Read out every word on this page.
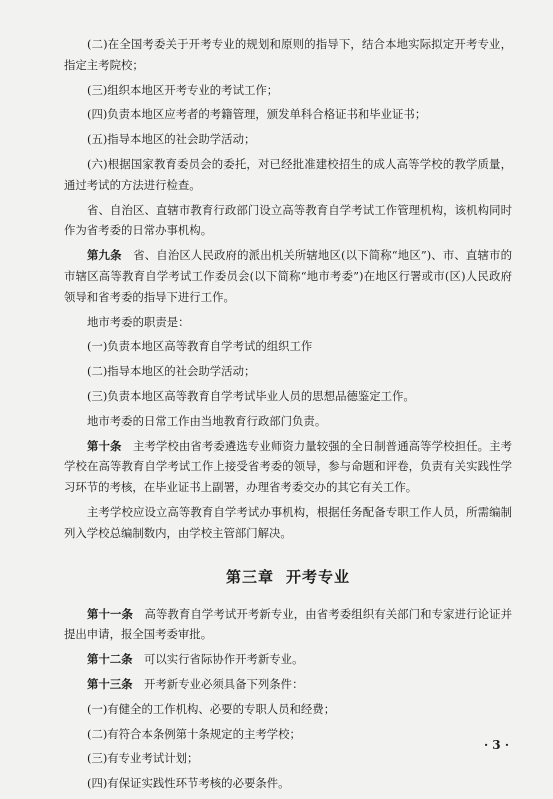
(二)在全国考委关于开考专业的规划和原则的指导下，结合本地实际拟定开考专业，指定主考院校；

(三)组织本地区开考专业的考试工作；

(四)负责本地区应考者的考籍管理，颁发单科合格证书和毕业证书；

(五)指导本地区的社会助学活动；

(六)根据国家教育委员会的委托，对已经批准建校招生的成人高等学校的教学质量，通过考试的方法进行检查。

省、自治区、直辖市教育行政部门设立高等教育自学考试工作管理机构，该机构同时作为省考委的日常办事机构。

第九条　 省、自治区人民政府的派出机关所辖地区(以下简称“地区”)、市、直辖市的市辖区高等教育自学考试工作委员会(以下简称“地市考委”)在地区行署或市(区)人民政府领导和省考委的指导下进行工作。

地市考委的职责是：

(一)负责本地区高等教育自学考试的组织工作

(二)指导本地区的社会助学活动；

(三)负责本地区高等教育自学考试毕业人员的思想品德鉴定工作。

地市考委的日常工作由当地教育行政部门负责。

第十条　 主考学校由省考委遴选专业师资力量较强的全日制普通高等学校担任。主考学校在高等教育自学考试工作上接受省考委的领导，参与命题和评卷，负责有关实践性学习环节的考核，在毕业证书上副署，办理省考委交办的其它有关工作。

主考学校应设立高等教育自学考试办事机构，根据任务配备专职工作人员，所需编制列入学校总编制数内，由学校主管部门解决。

第三章 开考专业

第十一条　 高等教育自学考试开考新专业，由省考委组织有关部门和专家进行论证并提出申请，报全国考委审批。

第十二条　 可以实行省际协作开考新专业。

第十三条　 开考新专业必须具备下列条件：

(一)有健全的工作机构、必要的专职人员和经费；

(二)有符合本条例第十条规定的主考学校；

(三)有专业考试计划；

(四)有保证实践性环节考核的必要条件。

· 3 ·
